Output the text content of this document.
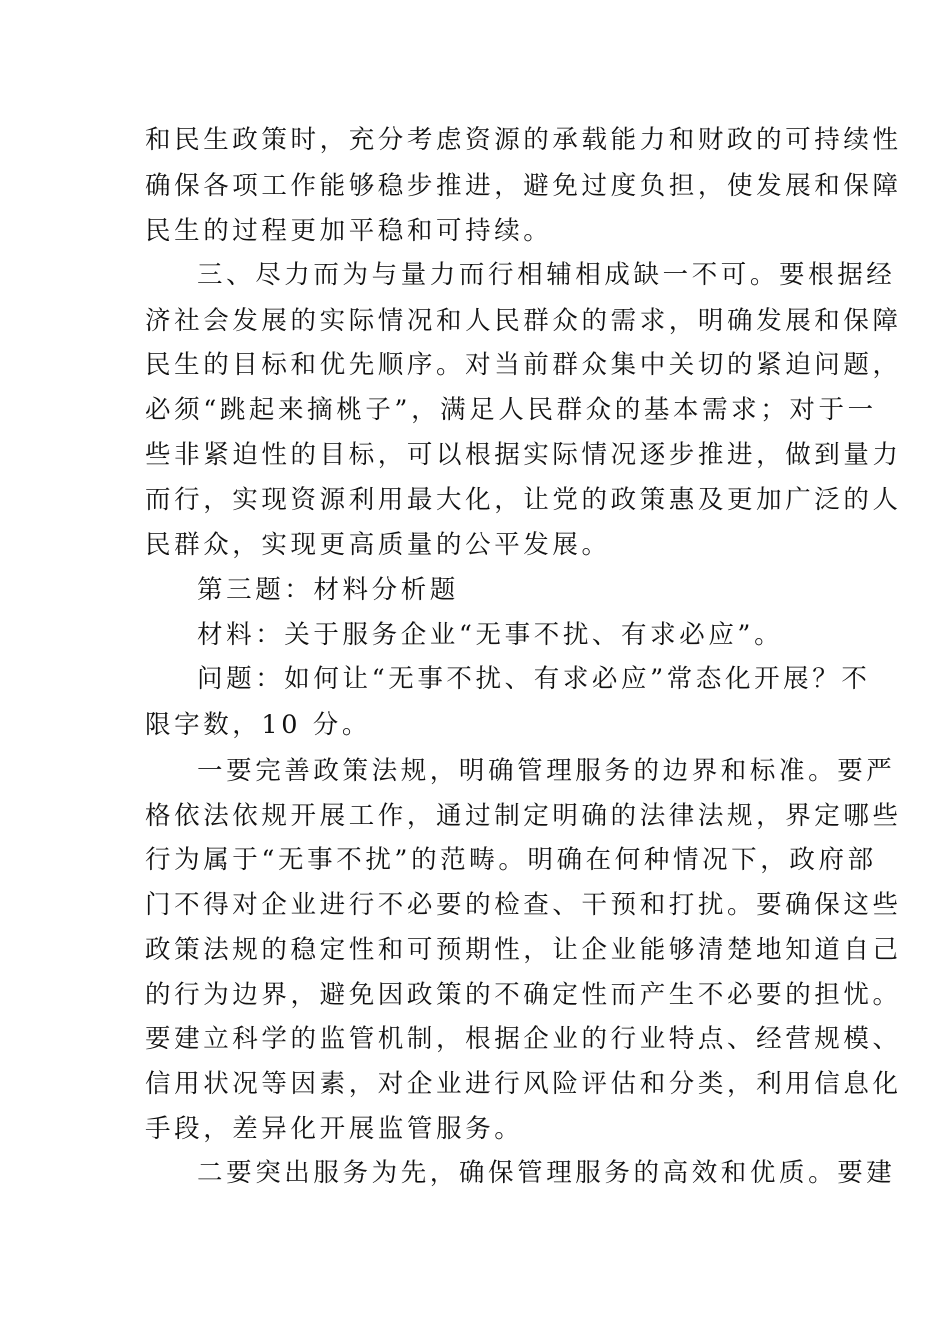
和民生政策时，充分考虑资源的承载能力和财政的可持续性

确保各项工作能够稳步推进，避免过度负担，使发展和保障

民生的过程更加平稳和可持续。

三、尽力而为与量力而行相辅相成缺一不可。要根据经

济社会发展的实际情况和人民群众的需求，明确发展和保障

民生的目标和优先顺序。对当前群众集中关切的紧迫问题，

必须“跳起来摘桃子”，满足人民群众的基本需求；对于一

些非紧迫性的目标，可以根据实际情况逐步推进，做到量力

而行，实现资源利用最大化，让党的政策惠及更加广泛的人

民群众，实现更高质量的公平发展。

第三题：材料分析题

材料：关于服务企业“无事不扰、有求必应”。

问题：如何让“无事不扰、有求必应”常态化开展？不

限字数，10 分。

一要完善政策法规，明确管理服务的边界和标准。要严

格依法依规开展工作，通过制定明确的法律法规，界定哪些

行为属于“无事不扰”的范畴。明确在何种情况下，政府部

门不得对企业进行不必要的检查、干预和打扰。要确保这些

政策法规的稳定性和可预期性，让企业能够清楚地知道自己

的行为边界，避免因政策的不确定性而产生不必要的担忧。

要建立科学的监管机制，根据企业的行业特点、经营规模、

信用状况等因素，对企业进行风险评估和分类，利用信息化

手段，差异化开展监管服务。

二要突出服务为先，确保管理服务的高效和优质。要建
